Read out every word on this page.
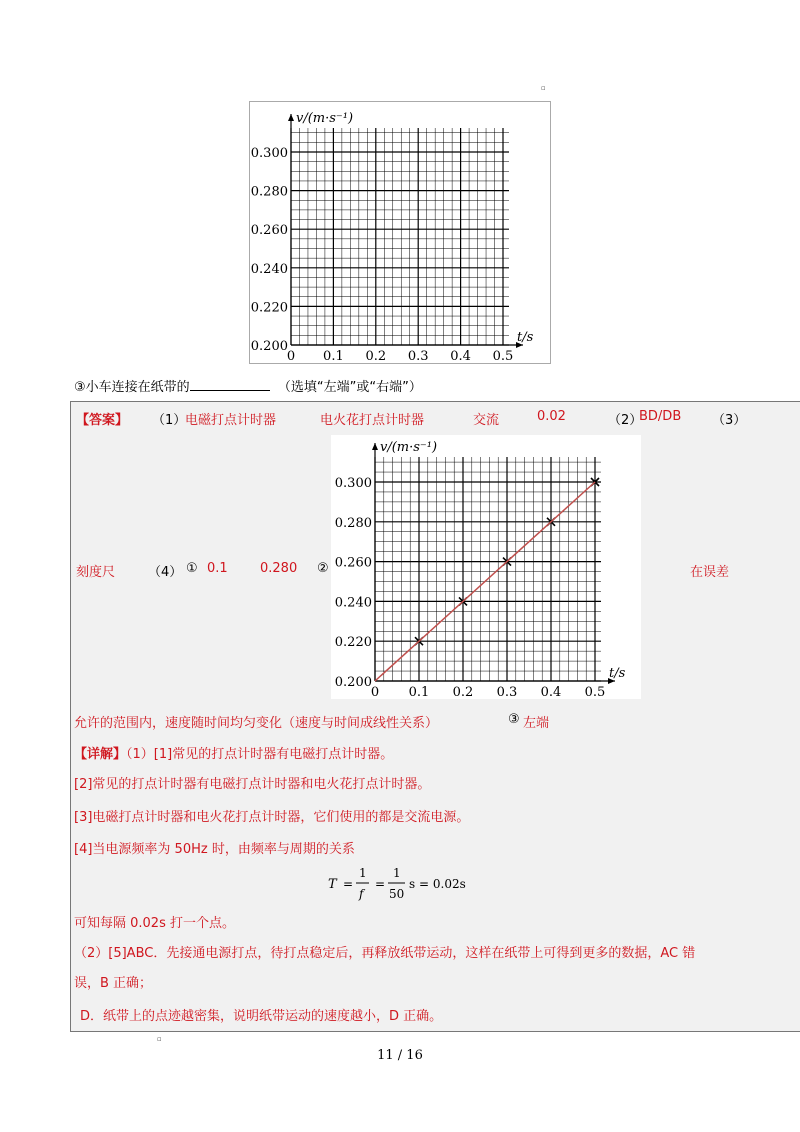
▫
0 0.1 0.2 0.3 0.4 0.5
0.200
0.220
0.240
0.260
0.280
0.300
v/(m·s⁻¹)
t/s
③小车连接在纸带的	（选填“左端”或“右端”）
【答案】 （1）
电磁打点计时器	电火花打点计时器	交流	0.02	（2）
BD/DB （3）
0 0.1 0.2 0.3 0.4 0.5
0.200
0.220
0.240
0.260
0.280
0.300
v/(m·s⁻¹)
t/s
刻度尺	（4） ① 0.1 0.280 ②	在误差
允许的范围内，速度随时间均匀变化（速度与时间成线性关系）	③ 左端
【详解】（1）[1]常见的打点计时器有电磁打点计时器。
[2]常见的打点计时器有电磁打点计时器和电火花打点计时器。
[3]电磁打点计时器和电火花打点计时器，它们使用的都是交流电源。
[4]当电源频率为 50Hz 时，由频率与周期的关系
T =
1
f
=
1
50
s = 0.02s
可知每隔 0.02s 打一个点。
（2）[5]ABC．先接通电源打点，待打点稳定后，再释放纸带运动，这样在纸带上可得到更多的数据，AC 错
误，B 正确；
D．纸带上的点迹越密集，说明纸带运动的速度越小，D 正确。
▫
11 / 16
